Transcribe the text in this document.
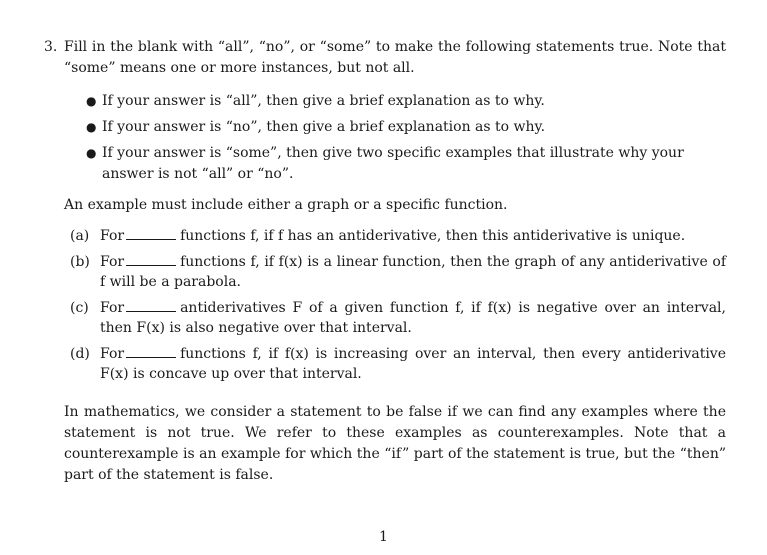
3. Fill in the blank with “all”, “no”, or “some” to make the following statements true. Note that “some” means one or more instances, but not all.
● If your answer is “all”, then give a brief explanation as to why.
● If your answer is “no”, then give a brief explanation as to why.
● If your answer is “some”, then give two specific examples that illustrate why your answer is not “all” or “no”.
An example must include either a graph or a specific function.
(a) For	functions f, if f has an antiderivative, then this antiderivative is unique.
(b) For	functions f, if f(x) is a linear function, then the graph of any antiderivative of f will be a parabola.
(c) For	antiderivatives F of a given function f, if f(x) is negative over an interval, then F(x) is also negative over that interval.
(d) For	functions f, if f(x) is increasing over an interval, then every antiderivative F(x) is concave up over that interval.
In mathematics, we consider a statement to be false if we can find any examples where the statement is not true. We refer to these examples as counterexamples. Note that a counterexample is an example for which the “if” part of the statement is true, but the “then” part of the statement is false.
1
